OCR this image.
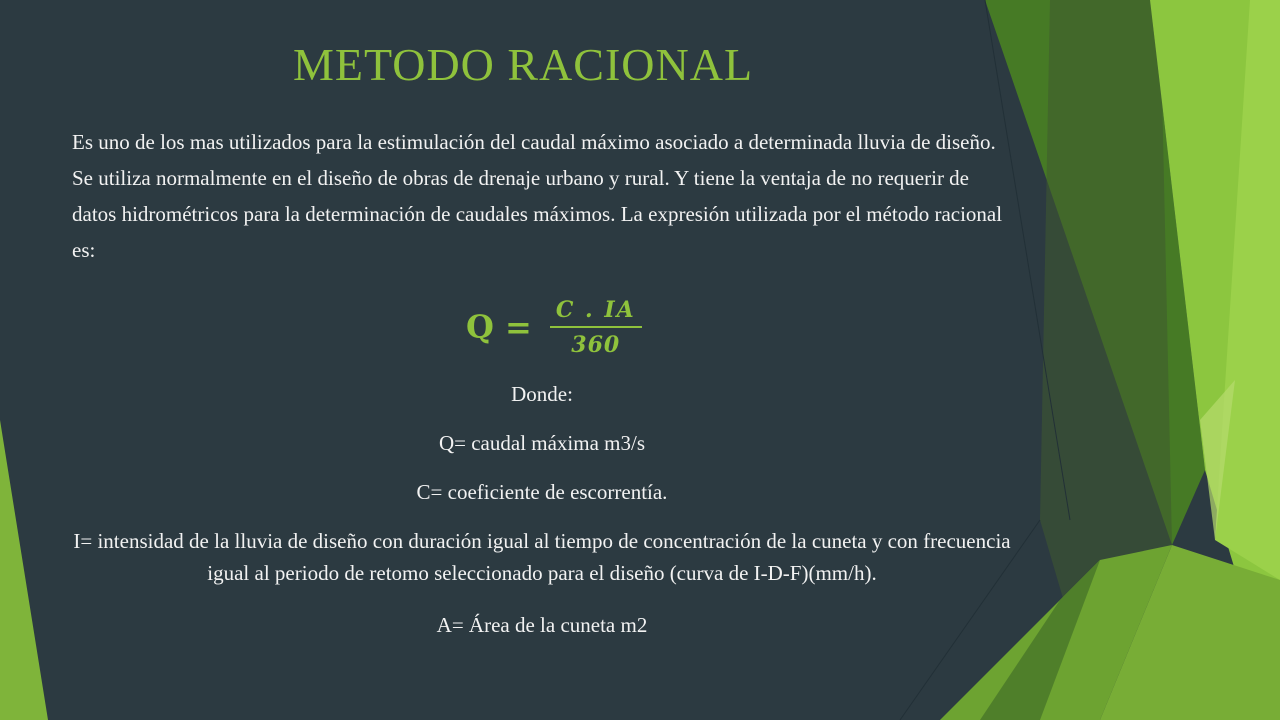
METODO RACIONAL

Es uno de los mas utilizados para la estimulación del caudal máximo asociado a determinada lluvia de diseño. Se utiliza normalmente en el diseño de obras de drenaje urbano y rural. Y tiene la ventaja de no requerir de datos hidrométricos para la determinación de caudales máximos. La expresión utilizada por el método racional es:

$Q = \frac{C . IA}{360}$

Donde:

Q= caudal máxima m3/s

C= coeficiente de escorrentía.

I= intensidad de la lluvia de diseño con duración igual al tiempo de concentración de la cuneta y con frecuencia igual al periodo de retomo seleccionado para el diseño (curva de I-D-F)(mm/h).

A= Área de la cuneta m2
